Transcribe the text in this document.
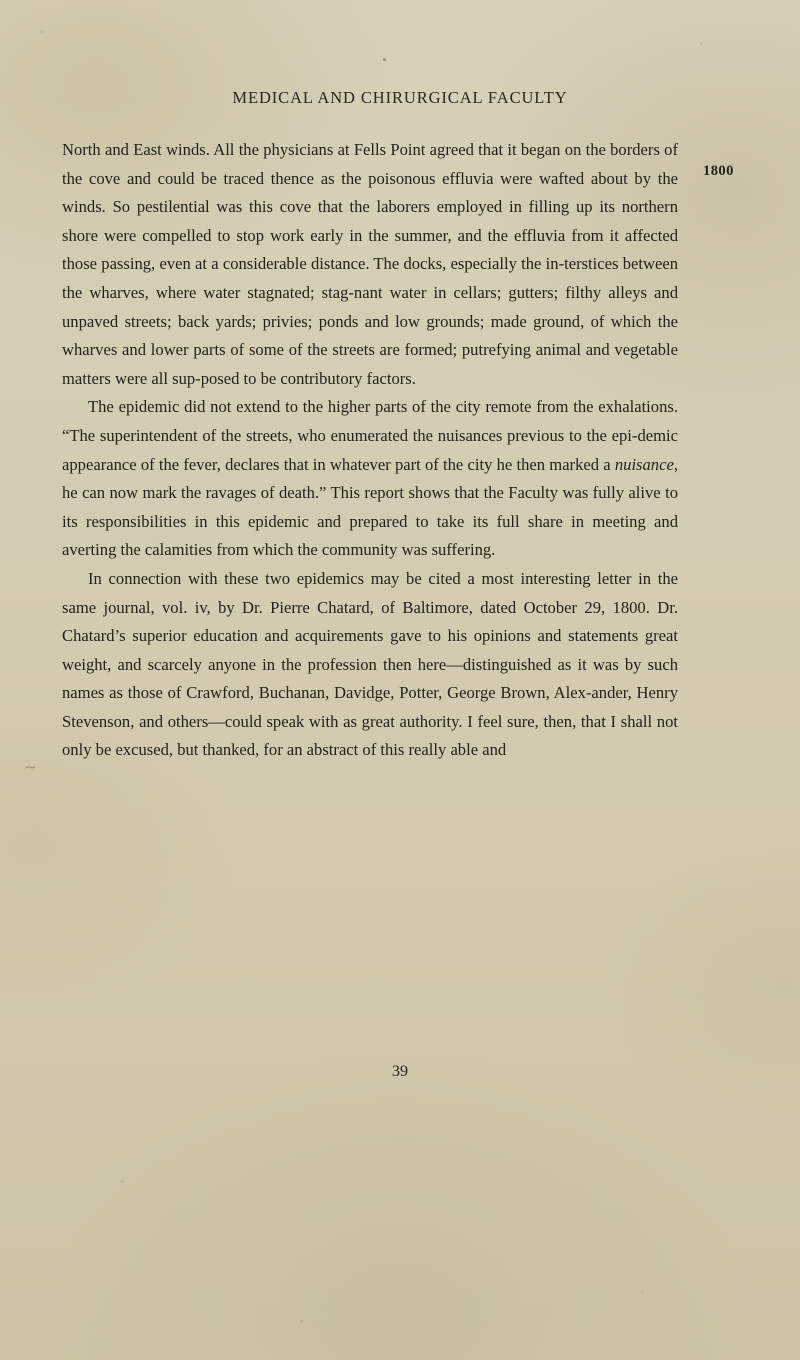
∼
MEDICAL AND CHIRURGICAL FACULTY
1800

North and East winds. All the physicians at Fells Point agreed that it began on the borders of the cove and could be traced thence as the poisonous effluvia were wafted about by the winds. So pestilential was this cove that the laborers employed in filling up its northern shore were compelled to stop work early in the summer, and the effluvia from it affected those passing, even at a considerable distance. The docks, especially the in-terstices between the wharves, where water stagnated; stag-nant water in cellars; gutters; filthy alleys and unpaved streets; back yards; privies; ponds and low grounds; made ground, of which the wharves and lower parts of some of the streets are formed; putrefying animal and vegetable matters were all sup-posed to be contributory factors.

The epidemic did not extend to the higher parts of the city remote from the exhalations. “The superintendent of the streets, who enumerated the nuisances previous to the epi-demic appearance of the fever, declares that in whatever part of the city he then marked a nuisance, he can now mark the ravages of death.” This report shows that the Faculty was fully alive to its responsibilities in this epidemic and prepared to take its full share in meeting and averting the calamities from which the community was suffering.

In connection with these two epidemics may be cited a most interesting letter in the same journal, vol. iv, by Dr. Pierre Chatard, of Baltimore, dated October 29, 1800. Dr. Chatard’s superior education and acquirements gave to his opinions and statements great weight, and scarcely anyone in the profession then here—distinguished as it was by such names as those of Crawford, Buchanan, Davidge, Potter, George Brown, Alex-ander, Henry Stevenson, and others—could speak with as great authority. I feel sure, then, that I shall not only be excused, but thanked, for an abstract of this really able and

39
